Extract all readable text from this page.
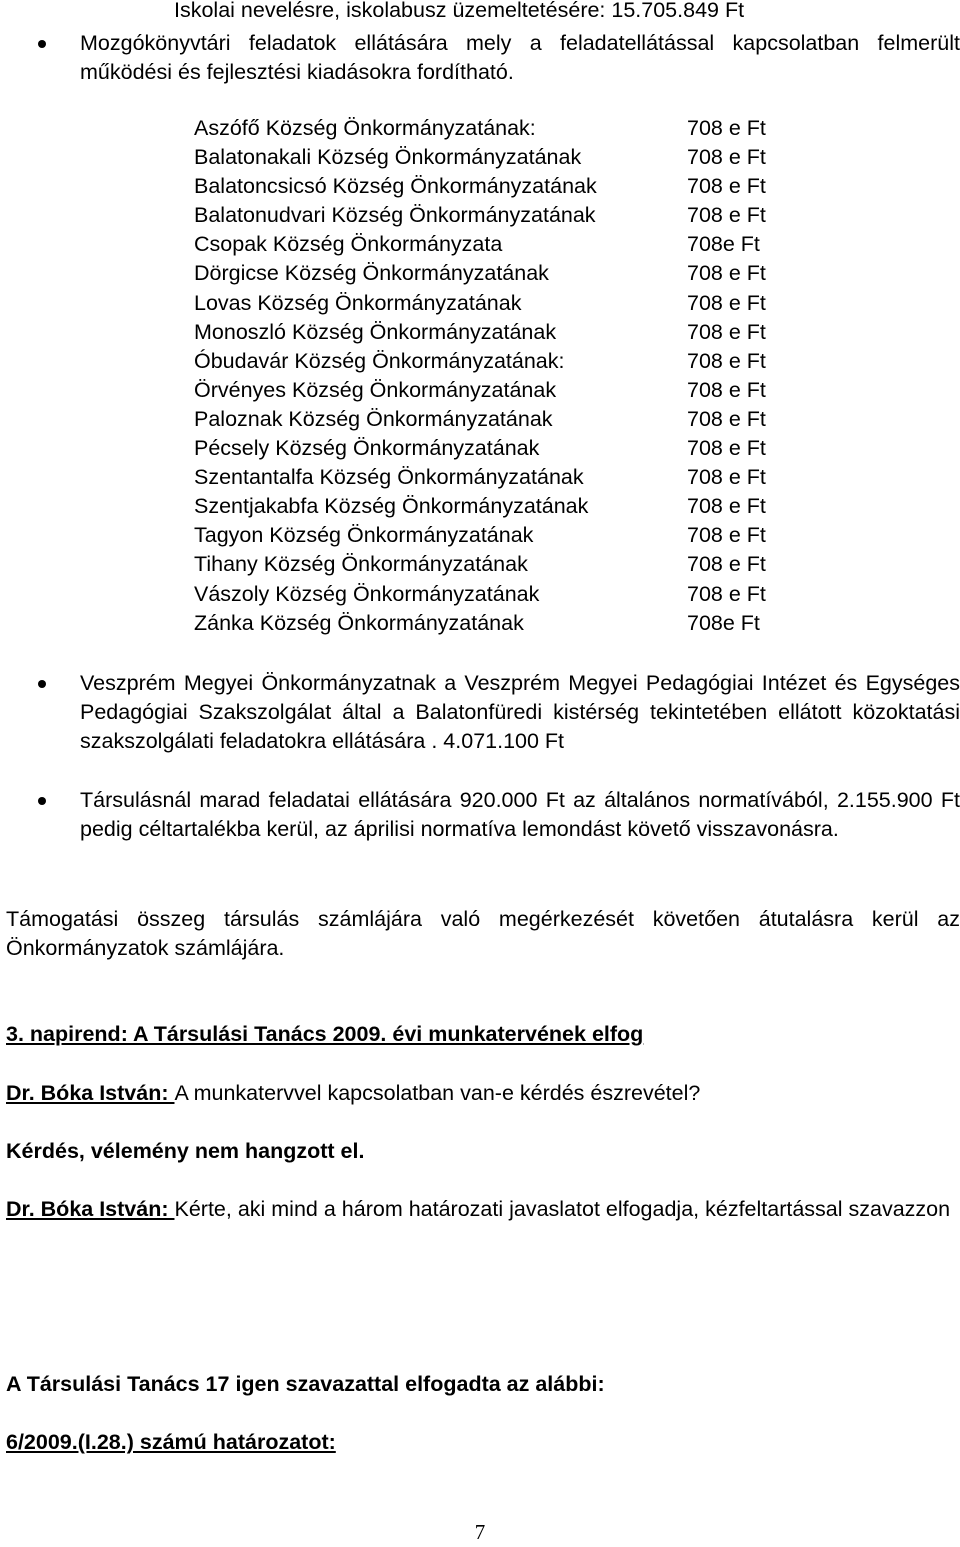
Iskolai nevelésre, iskolabusz üzemeltetésére: 15.705.849 Ft
Mozgókönyvtári feladatok ellátására mely a feladatellátással kapcsolatban felmerült működési és fejlesztési kiadásokra fordítható.
Aszófő Község Önkormányzatának:	708 e Ft
Balatonakali Község Önkormányzatának	708 e Ft
Balatoncsicsó Község Önkormányzatának	708 e Ft
Balatonudvari Község Önkormányzatának	708 e Ft
Csopak Község Önkormányzata	708e Ft
Dörgicse Község Önkormányzatának	708 e Ft
Lovas Község Önkormányzatának	708 e Ft
Monoszló Község Önkormányzatának	708 e Ft
Óbudavár Község Önkormányzatának:	708 e Ft
Örvényes Község Önkormányzatának	708 e Ft
Paloznak Község Önkormányzatának	708 e Ft
Pécsely Község Önkormányzatának	708 e Ft
Szentantalfa Község Önkormányzatának	708 e Ft
Szentjakabfa Község Önkormányzatának	708 e Ft
Tagyon Község Önkormányzatának	708 e Ft
Tihany Község Önkormányzatának	708 e Ft
Vászoly Község Önkormányzatának	708 e Ft
Zánka Község Önkormányzatának	708e Ft
Veszprém Megyei Önkormányzatnak a Veszprém Megyei Pedagógiai Intézet és Egységes Pedagógiai Szakszolgálat által a Balatonfüredi kistérség tekintetében ellátott közoktatási szakszolgálati feladatokra ellátására . 4.071.100 Ft
Társulásnál marad feladatai ellátására 920.000 Ft az általános normatívából, 2.155.900 Ft pedig céltartalékba kerül, az áprilisi normatíva lemondást követő visszavonásra.
Támogatási összeg társulás számlájára való megérkezését követően átutalásra kerül az Önkormányzatok számlájára.
3. napirend: A Társulási Tanács 2009. évi munkatervének elfog
Dr. Bóka István: A munkatervvel kapcsolatban van-e kérdés észrevétel?
Kérdés, vélemény nem hangzott el.
Dr. Bóka István: Kérte, aki mind a három határozati javaslatot elfogadja, kézfeltartással szavazzon
A Társulási Tanács 17 igen szavazattal elfogadta az alábbi:
6/2009.(I.28.) számú határozatot:
7
